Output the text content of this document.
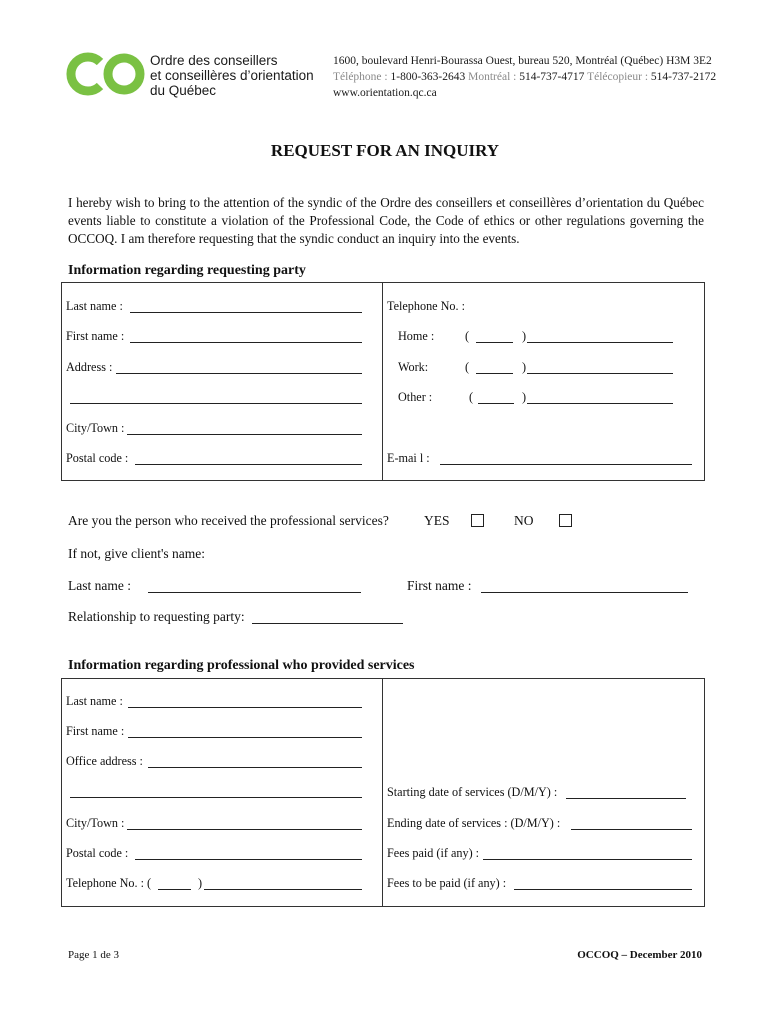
Ordre des conseillers
et conseillères d’orientation
du Québec
1600, boulevard Henri-Bourassa Ouest, bureau 520, Montréal (Québec) H3M 3E2
Téléphone : 1-800-363-2643 Montréal : 514-737-4717 Télécopieur : 514-737-2172
www.orientation.qc.ca
REQUEST FOR AN INQUIRY
I hereby wish to bring to the attention of the syndic of the Ordre des conseillers et conseillères d’orientation du Québec events liable to constitute a violation of the Professional Code, the Code of ethics or other regulations governing the OCCOQ. I am therefore requesting that the syndic conduct an inquiry into the events.
Information regarding requesting party
Last name :
First name :
Address :
City/Town :
Postal code :
Telephone No. :
Home :	(	)
Work:	(	)
Other :	(	)
E-mai l :
Are you the person who received the professional services?	YES	NO
If not, give client's name:
Last name :	First name :
Relationship to requesting party:
Information regarding professional who provided services
Last name :
First name :
Office address :
City/Town :
Postal code :
Telephone No. : (	)
Starting date of services (D/M/Y) :
Ending date of services : (D/M/Y) :
Fees paid (if any) :
Fees to be paid (if any) :
Page 1 de 3	OCCOQ – December 2010
